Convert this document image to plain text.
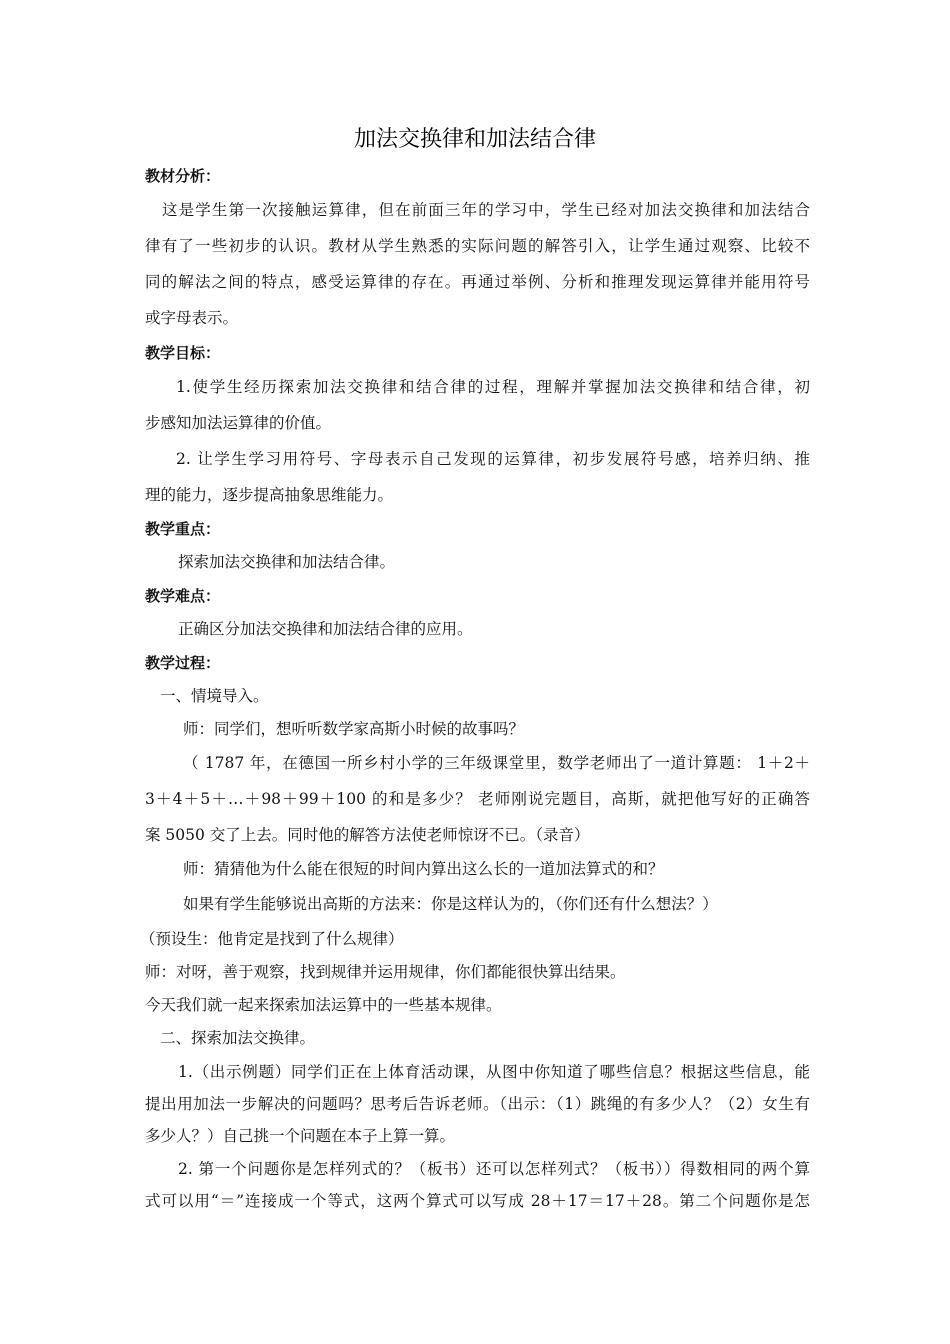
加法交换律和加法结合律
教材分析：
这是学生第一次接触运算律，但在前面三年的学习中，学生已经对加法交换律和加法结合
律有了一些初步的认识。教材从学生熟悉的实际问题的解答引入，让学生通过观察、比较不
同的解法之间的特点，感受运算律的存在。再通过举例、分析和推理发现运算律并能用符号
或字母表示。
教学目标：
1.使学生经历探索加法交换律和结合律的过程，理解并掌握加法交换律和结合律，初
步感知加法运算律的价值。
2. 让学生学习用符号、字母表示自己发现的运算律，初步发展符号感，培养归纳、推
理的能力，逐步提高抽象思维能力。
教学重点：
探索加法交换律和加法结合律。
教学难点：
正确区分加法交换律和加法结合律的应用。
教学过程：
一、情境导入。
师：同学们，想听听数学家高斯小时候的故事吗？
（ 1787 年，在德国一所乡村小学的三年级课堂里，数学老师出了一道计算题： 1＋2＋
3＋4＋5＋…＋98＋99＋100 的和是多少？ 老师刚说完题目，高斯，就把他写好的正确答
案 5050 交了上去。同时他的解答方法使老师惊讶不已。（录音）
师：猜猜他为什么能在很短的时间内算出这么长的一道加法算式的和？
如果有学生能够说出高斯的方法来：你是这样认为的，（你们还有什么想法？）
（预设生：他肯定是找到了什么规律）
师：对呀，善于观察，找到规律并运用规律，你们都能很快算出结果。
今天我们就一起来探索加法运算中的一些基本规律。
二、探索加法交换律。
1.（出示例题）同学们正在上体育活动课，从图中你知道了哪些信息？根据这些信息，能
提出用加法一步解决的问题吗？思考后告诉老师。（出示：（1）跳绳的有多少人？（2）女生有
多少人？）自己挑一个问题在本子上算一算。
2. 第一个问题你是怎样列式的？（板书）还可以怎样列式？（板书））得数相同的两个算
式可以用“＝”连接成一个等式，这两个算式可以写成 28＋17＝17＋28。第二个问题你是怎
